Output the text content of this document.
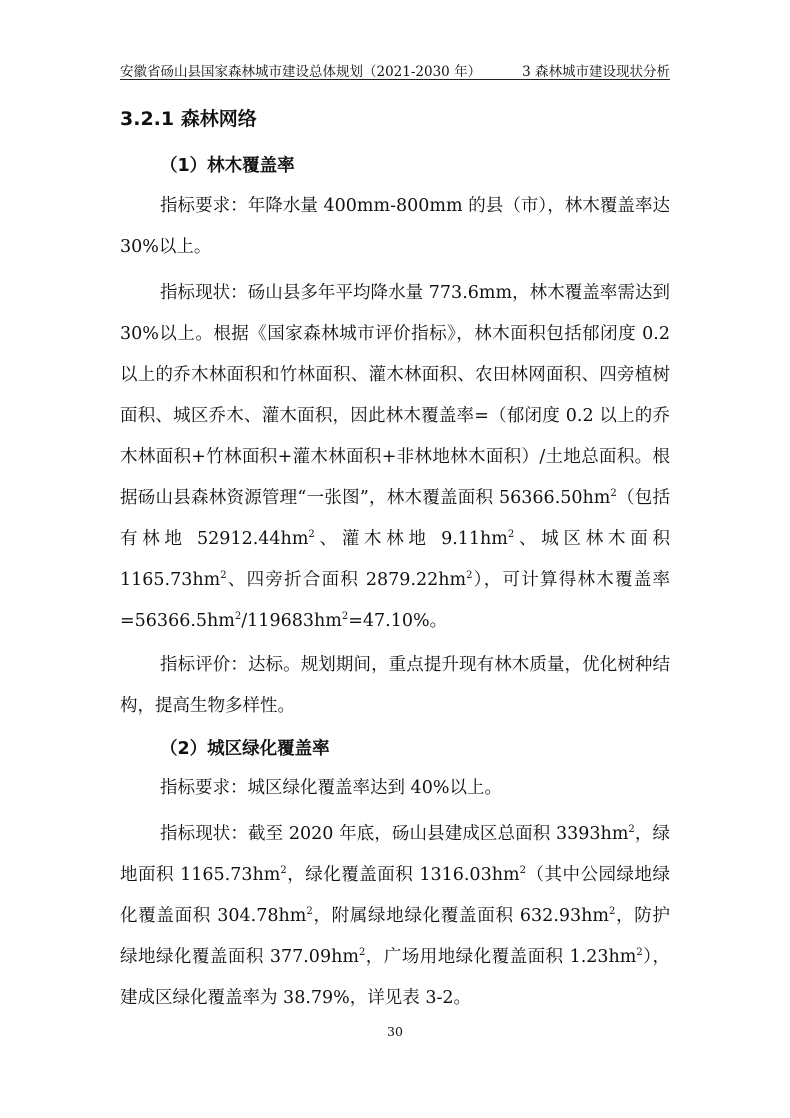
安徽省砀山县国家森林城市建设总体规划（2021-2030 年）	3 森林城市建设现状分析
3.2.1 森林网络
（1）林木覆盖率

指标要求：年降水量 400mm-800mm 的县（市），林木覆盖率达30%以上。

指标现状：砀山县多年平均降水量 773.6mm，林木覆盖率需达到 30%以上。根据《国家森林城市评价指标》，林木面积包括郁闭度 0.2 以上的乔木林面积和竹林面积、灌木林面积、农田林网面积、四旁植树面积、城区乔木、灌木面积，因此林木覆盖率=（郁闭度 0.2 以上的乔木林面积+竹林面积+灌木林面积+非林地林木面积）/土地总面积。根据砀山县森林资源管理“一张图”，林木覆盖面积 $56366.50hm^2$（包括有林地 $52912.44hm^2$、灌木林地 $9.11hm^2$、城区林木面积 $1165.73hm^2$、四旁折合面积 $2879.22hm^2$），可计算得林木覆盖率$=56366.5hm^2/119683hm^2=47.10\%$。

指标评价：达标。规划期间，重点提升现有林木质量，优化树种结构，提高生物多样性。

（2）城区绿化覆盖率

指标要求：城区绿化覆盖率达到 40%以上。

指标现状：截至 2020 年底，砀山县建成区总面积 $3393hm^2$，绿地面积 $1165.73hm^2$，绿化覆盖面积 $1316.03hm^2$（其中公园绿地绿化覆盖面积 $304.78hm^2$，附属绿地绿化覆盖面积 $632.93hm^2$，防护绿地绿化覆盖面积 $377.09hm^2$，广场用地绿化覆盖面积 $1.23hm^2$），建成区绿化覆盖率为 38.79%，详见表 3-2。

30
